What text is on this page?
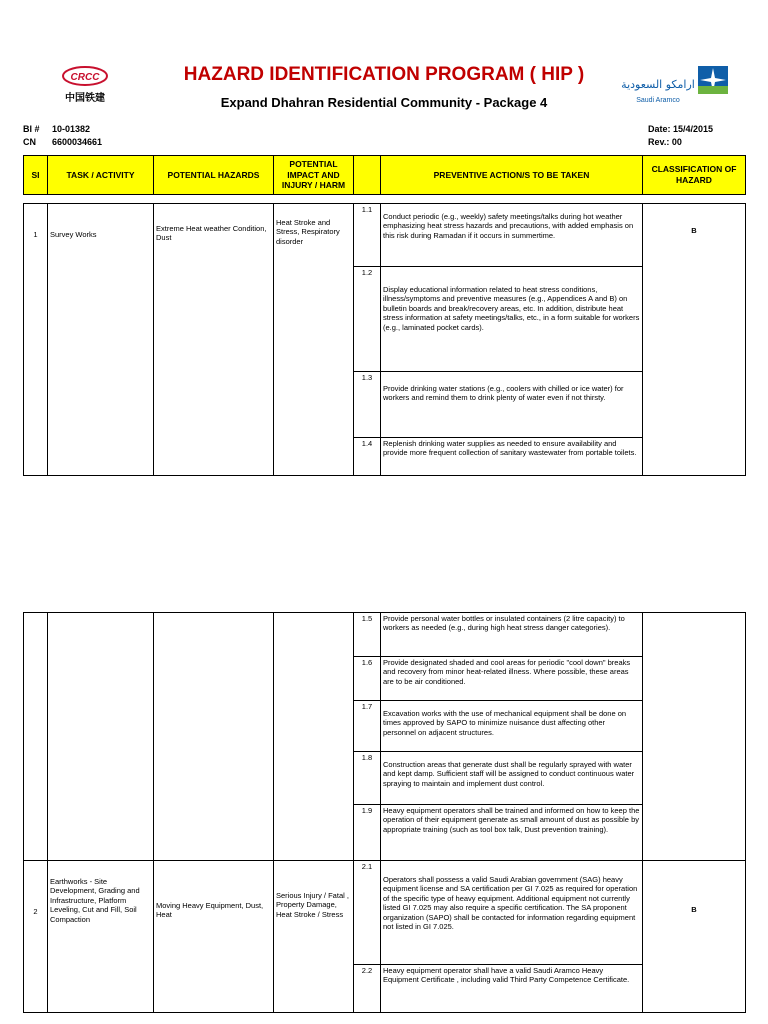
CRCC
中国铁建
ارامكو السعودية
Saudi Aramco
HAZARD IDENTIFICATION PROGRAM ( HIP )
Expand Dhahran Residential Community - Package 4
BI # 10-01382
CN 6600034661
Date: 15/4/2015
Rev.: 00
SI	TASK / ACTIVITY	POTENTIAL HAZARDS	POTENTIAL IMPACT AND INJURY / HARM		PREVENTIVE ACTION/S TO BE TAKEN	CLASSIFICATION OF HAZARD
1	Survey Works	Extreme Heat weather Condition, Dust	Heat Stroke and Stress, Respiratory disorder	1.1	Conduct periodic (e.g., weekly) safety meetings/talks during hot weather emphasizing heat stress hazards and precautions, with added emphasis on this risk during Ramadan if it occurs in summertime.	B
				1.2	Display educational information related to heat stress conditions, illness/symptoms and preventive measures (e.g., Appendices A and B) on bulletin boards and break/recovery areas, etc. In addition, distribute heat stress information at safety meetings/talks, etc., in a form suitable for workers (e.g., laminated pocket cards).	
				1.3	Provide drinking water stations (e.g., coolers with chilled or ice water) for workers and remind them to drink plenty of water even if not thirsty.	
				1.4	Replenish drinking water supplies as needed to ensure availability and provide more frequent collection of sanitary wastewater from portable toilets.	
				1.5	Provide personal water bottles or insulated containers (2 litre capacity) to workers as needed (e.g., during high heat stress danger categories).	
				1.6	Provide designated shaded and cool areas for periodic "cool down" breaks and recovery from minor heat-related illness. Where possible, these areas are to be air conditioned.	
				1.7	Excavation works with the use of mechanical equipment shall be done on times approved by SAPO to minimize nuisance dust affecting other personnel on adjacent structures.	
				1.8	Construction areas that generate dust shall be regularly sprayed with water and kept damp. Sufficient staff will be assigned to conduct continuous water spraying to maintain and implement dust control.	
				1.9	Heavy equipment operators shall be trained and informed on how to keep the operation of their equipment generate as small amount of dust as possible by appropriate training (such as tool box talk, Dust prevention training).	
2	Earthworks - Site Development, Grading and Infrastructure, Platform Leveling, Cut and Fill, Soil Compaction	Moving Heavy Equipment, Dust, Heat	Serious Injury / Fatal , Property Damage, Heat Stroke / Stress	2.1	Operators shall possess a valid Saudi Arabian government (SAG) heavy equipment license and SA certification per GI 7.025 as required for operation of the specific type of heavy equipment. Additional equipment not currently listed GI 7.025 may also require a specific certification. The SA proponent organization (SAPO) shall be contacted for information regarding equipment not listed in GI 7.025.	B
				2.2	Heavy equipment operator shall have a valid Saudi Aramco Heavy Equipment Certificate , including valid Third Party Competence Certificate.	
